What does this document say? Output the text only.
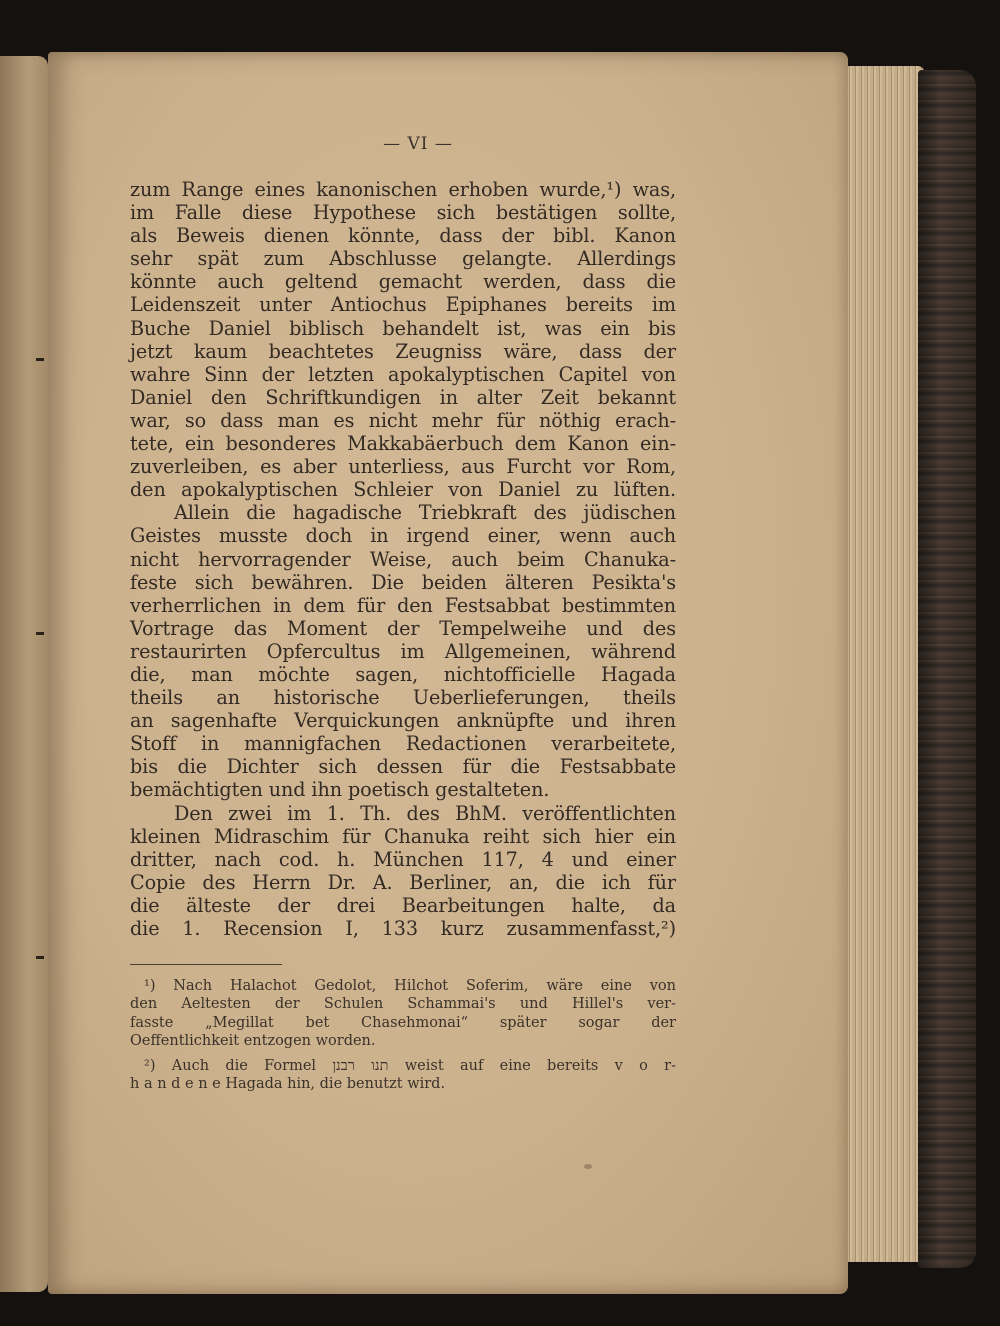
— VI —
zum Range eines kanonischen erhoben wurde,¹) was,
im Falle diese Hypothese sich bestätigen sollte,
als Beweis dienen könnte, dass der bibl. Kanon
sehr spät zum Abschlusse gelangte. Allerdings
könnte auch geltend gemacht werden, dass die
Leidenszeit unter Antiochus Epiphanes bereits im
Buche Daniel biblisch behandelt ist, was ein bis
jetzt kaum beachtetes Zeugniss wäre, dass der
wahre Sinn der letzten apokalyptischen Capitel von
Daniel den Schriftkundigen in alter Zeit bekannt
war, so dass man es nicht mehr für nöthig erach-
tete, ein besonderes Makkabäerbuch dem Kanon ein-
zuverleiben, es aber unterliess, aus Furcht vor Rom,
den apokalyptischen Schleier von Daniel zu lüften.
Allein die hagadische Triebkraft des jüdischen
Geistes musste doch in irgend einer, wenn auch
nicht hervorragender Weise, auch beim Chanuka-
feste sich bewähren. Die beiden älteren Pesikta's
verherrlichen in dem für den Festsabbat bestimmten
Vortrage das Moment der Tempelweihe und des
restaurirten Opfercultus im Allgemeinen, während
die, man möchte sagen, nichtofficielle Hagada
theils an historische Ueberlieferungen, theils
an sagenhafte Verquickungen anknüpfte und ihren
Stoff in mannigfachen Redactionen verarbeitete,
bis die Dichter sich dessen für die Festsabbate
bemächtigten und ihn poetisch gestalteten.
Den zwei im 1. Th. des BhM. veröffentlichten
kleinen Midraschim für Chanuka reiht sich hier ein
dritter, nach cod. h. München 117, 4 und einer
Copie des Herrn Dr. A. Berliner, an, die ich für
die älteste der drei Bearbeitungen halte, da
die 1. Recension I, 133 kurz zusammenfasst,²)
¹) Nach Halachot Gedolot, Hilchot Soferim, wäre eine von
den Aeltesten der Schulen Schammai's und Hillel's ver-
fasste „Megillat bet Chasehmonai“ später sogar der
Oeffentlichkeit entzogen worden.
²) Auch die Formel תנו רבנן weist auf eine bereits v o r-
h a n d e n e Hagada hin, die benutzt wird.
